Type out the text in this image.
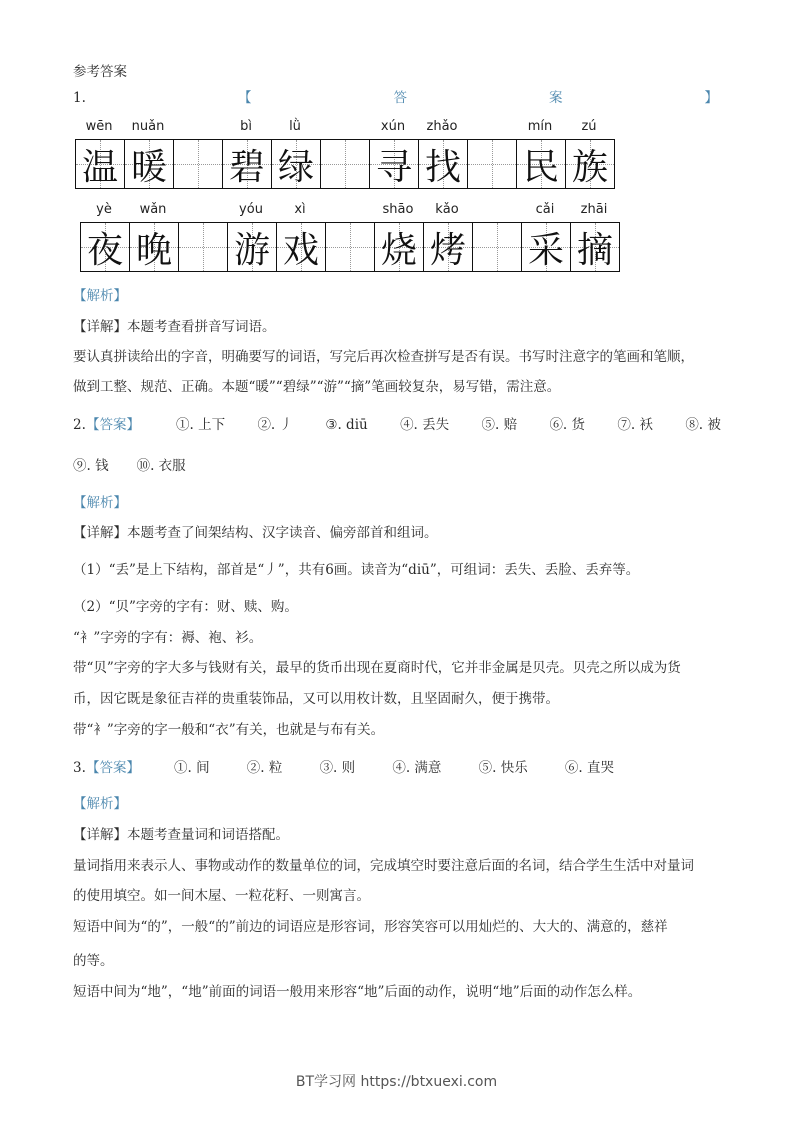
参考答案
1.	【	答	案	】
wēn	nuǎn	bì	lǜ	xún	zhǎo	mín	zú
温 暖 碧 绿 寻 找 民 族
yè	wǎn	yóu	xì	shāo	kǎo	cǎi	zhāi
夜 晚 游 戏 烧 烤 采 摘
【解析】
【详解】本题考查看拼音写词语。
要认真拼读给出的字音，明确要写的词语，写完后再次检查拼写是否有误。书写时注意字的笔画和笔顺，
做到工整、规范、正确。本题“暖”“碧绿”“游”“摘”笔画较复杂，易写错，需注意。
2. 【答案】	①. 上下 ②. 丿 ③. diū ④. 丢失 ⑤. 赔 ⑥. 货 ⑦. 袄 ⑧. 被
⑨. 钱 ⑩. 衣服
【解析】
【详解】本题考查了间架结构、汉字读音、偏旁部首和组词。
（1）“丢”是上下结构，部首是“丿”，共有6画。读音为“diū”，可组词：丢失、丢脸、丢弃等。
（2）“贝”字旁的字有：财、赎、购。
“衤”字旁的字有：褥、袍、衫。
带“贝”字旁的字大多与钱财有关，最早的货币出现在夏商时代，它并非金属是贝壳。贝壳之所以成为货
币，因它既是象征吉祥的贵重装饰品，又可以用枚计数，且坚固耐久，便于携带。
带“衤”字旁的字一般和“衣”有关，也就是与布有关。
3. 【答案】	①. 间	②. 粒	③. 则	④. 满意	⑤. 快乐	⑥. 直哭
【解析】
【详解】本题考查量词和词语搭配。
量词指用来表示人、事物或动作的数量单位的词，完成填空时要注意后面的名词，结合学生生活中对量词
的使用填空。如一间木屋、一粒花籽、一则寓言。
短语中间为“的”，一般“的”前边的词语应是形容词，形容笑容可以用灿烂的、大大的、满意的，慈祥
的等。
短语中间为“地”，“地”前面的词语一般用来形容“地”后面的动作，说明“地”后面的动作怎么样。
BT学习网 https://btxuexi.com
